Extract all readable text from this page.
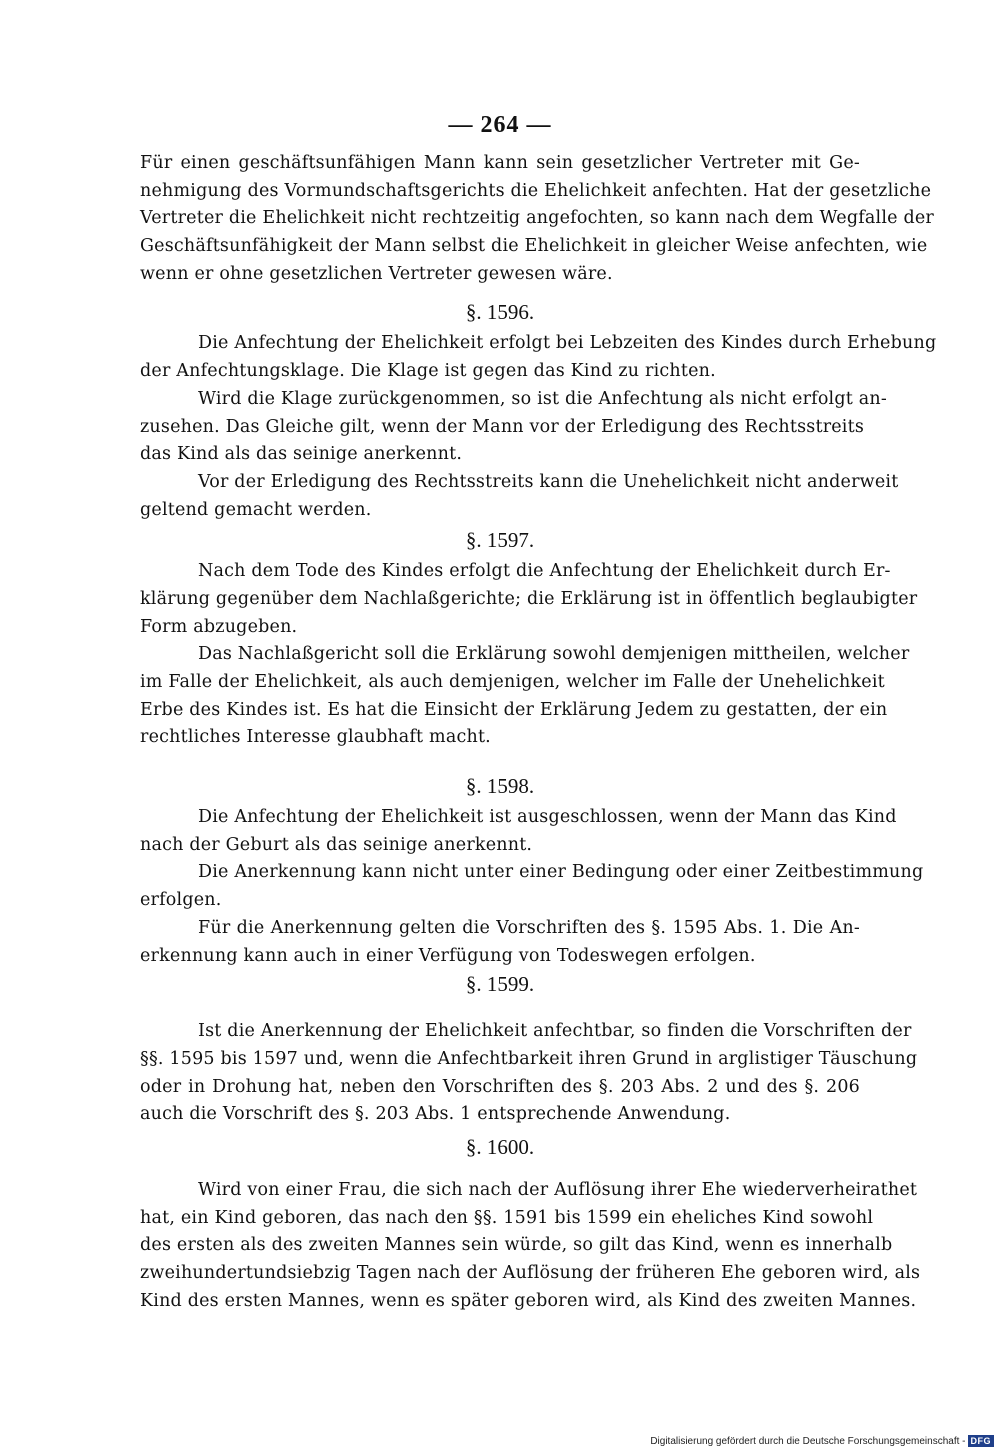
— 264 —
Für einen geschäftsunfähigen Mann kann sein gesetzlicher Vertreter mit Ge-
nehmigung des Vormundschaftsgerichts die Ehelichkeit anfechten. Hat der gesetzliche
Vertreter die Ehelichkeit nicht rechtzeitig angefochten, so kann nach dem Wegfalle der
Geschäftsunfähigkeit der Mann selbst die Ehelichkeit in gleicher Weise anfechten, wie
wenn er ohne gesetzlichen Vertreter gewesen wäre.
§. 1596.
Die Anfechtung der Ehelichkeit erfolgt bei Lebzeiten des Kindes durch Erhebung
der Anfechtungsklage. Die Klage ist gegen das Kind zu richten.
Wird die Klage zurückgenommen, so ist die Anfechtung als nicht erfolgt an-
zusehen. Das Gleiche gilt, wenn der Mann vor der Erledigung des Rechtsstreits
das Kind als das seinige anerkennt.
Vor der Erledigung des Rechtsstreits kann die Unehelichkeit nicht anderweit
geltend gemacht werden.
§. 1597.
Nach dem Tode des Kindes erfolgt die Anfechtung der Ehelichkeit durch Er-
klärung gegenüber dem Nachlaßgerichte; die Erklärung ist in öffentlich beglaubigter
Form abzugeben.
Das Nachlaßgericht soll die Erklärung sowohl demjenigen mittheilen, welcher
im Falle der Ehelichkeit, als auch demjenigen, welcher im Falle der Unehelichkeit
Erbe des Kindes ist. Es hat die Einsicht der Erklärung Jedem zu gestatten, der ein
rechtliches Interesse glaubhaft macht.
§. 1598.
Die Anfechtung der Ehelichkeit ist ausgeschlossen, wenn der Mann das Kind
nach der Geburt als das seinige anerkennt.
Die Anerkennung kann nicht unter einer Bedingung oder einer Zeitbestimmung
erfolgen.
Für die Anerkennung gelten die Vorschriften des §. 1595 Abs. 1. Die An-
erkennung kann auch in einer Verfügung von Todeswegen erfolgen.
§. 1599.
Ist die Anerkennung der Ehelichkeit anfechtbar, so finden die Vorschriften der
§§. 1595 bis 1597 und, wenn die Anfechtbarkeit ihren Grund in arglistiger Täuschung
oder in Drohung hat, neben den Vorschriften des §. 203 Abs. 2 und des §. 206
auch die Vorschrift des §. 203 Abs. 1 entsprechende Anwendung.
§. 1600.
Wird von einer Frau, die sich nach der Auflösung ihrer Ehe wiederverheirathet
hat, ein Kind geboren, das nach den §§. 1591 bis 1599 ein eheliches Kind sowohl
des ersten als des zweiten Mannes sein würde, so gilt das Kind, wenn es innerhalb
zweihundertundsiebzig Tagen nach der Auflösung der früheren Ehe geboren wird, als
Kind des ersten Mannes, wenn es später geboren wird, als Kind des zweiten Mannes.
Digitalisierung gefördert durch die Deutsche Forschungsgemeinschaft - DFG
